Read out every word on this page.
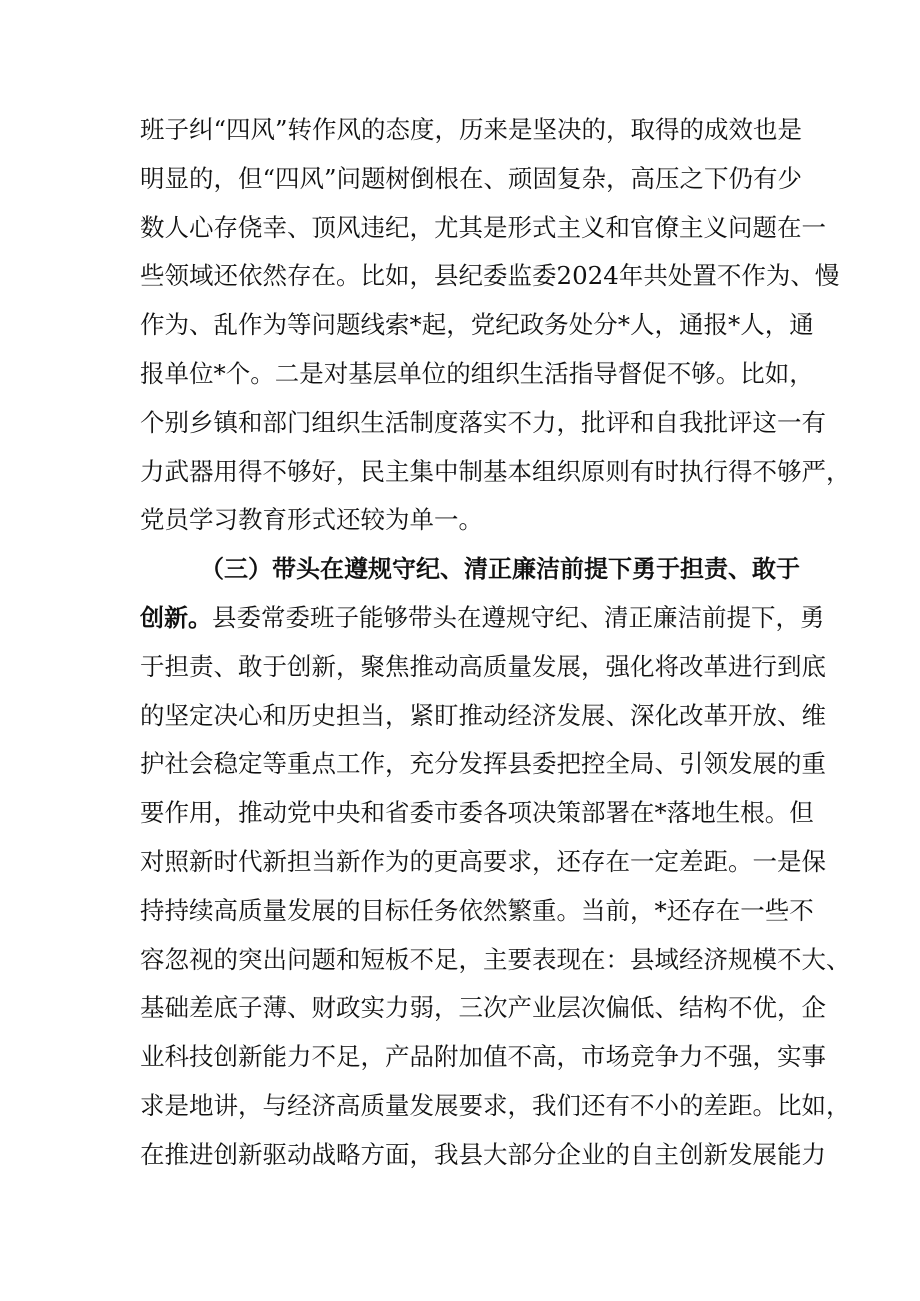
班子纠“四风”转作风的态度，历来是坚决的，取得的成效也是
明显的，但“四风”问题树倒根在、顽固复杂，高压之下仍有少
数人心存侥幸、顶风违纪，尤其是形式主义和官僚主义问题在一
些领域还依然存在。比如，县纪委监委2024年共处置不作为、慢
作为、乱作为等问题线索*起，党纪政务处分*人，通报*人，通
报单位*个。二是对基层单位的组织生活指导督促不够。比如，
个别乡镇和部门组织生活制度落实不力，批评和自我批评这一有
力武器用得不够好，民主集中制基本组织原则有时执行得不够严，
党员学习教育形式还较为单一。
（三）带头在遵规守纪、清正廉洁前提下勇于担责、敢于
创新。县委常委班子能够带头在遵规守纪、清正廉洁前提下，勇
于担责、敢于创新，聚焦推动高质量发展，强化将改革进行到底
的坚定决心和历史担当，紧盯推动经济发展、深化改革开放、维
护社会稳定等重点工作，充分发挥县委把控全局、引领发展的重
要作用，推动党中央和省委市委各项决策部署在*落地生根。但
对照新时代新担当新作为的更高要求，还存在一定差距。一是保
持持续高质量发展的目标任务依然繁重。当前，*还存在一些不
容忽视的突出问题和短板不足，主要表现在：县域经济规模不大、
基础差底子薄、财政实力弱，三次产业层次偏低、结构不优，企
业科技创新能力不足，产品附加值不高，市场竞争力不强，实事
求是地讲，与经济高质量发展要求，我们还有不小的差距。比如，
在推进创新驱动战略方面，我县大部分企业的自主创新发展能力
